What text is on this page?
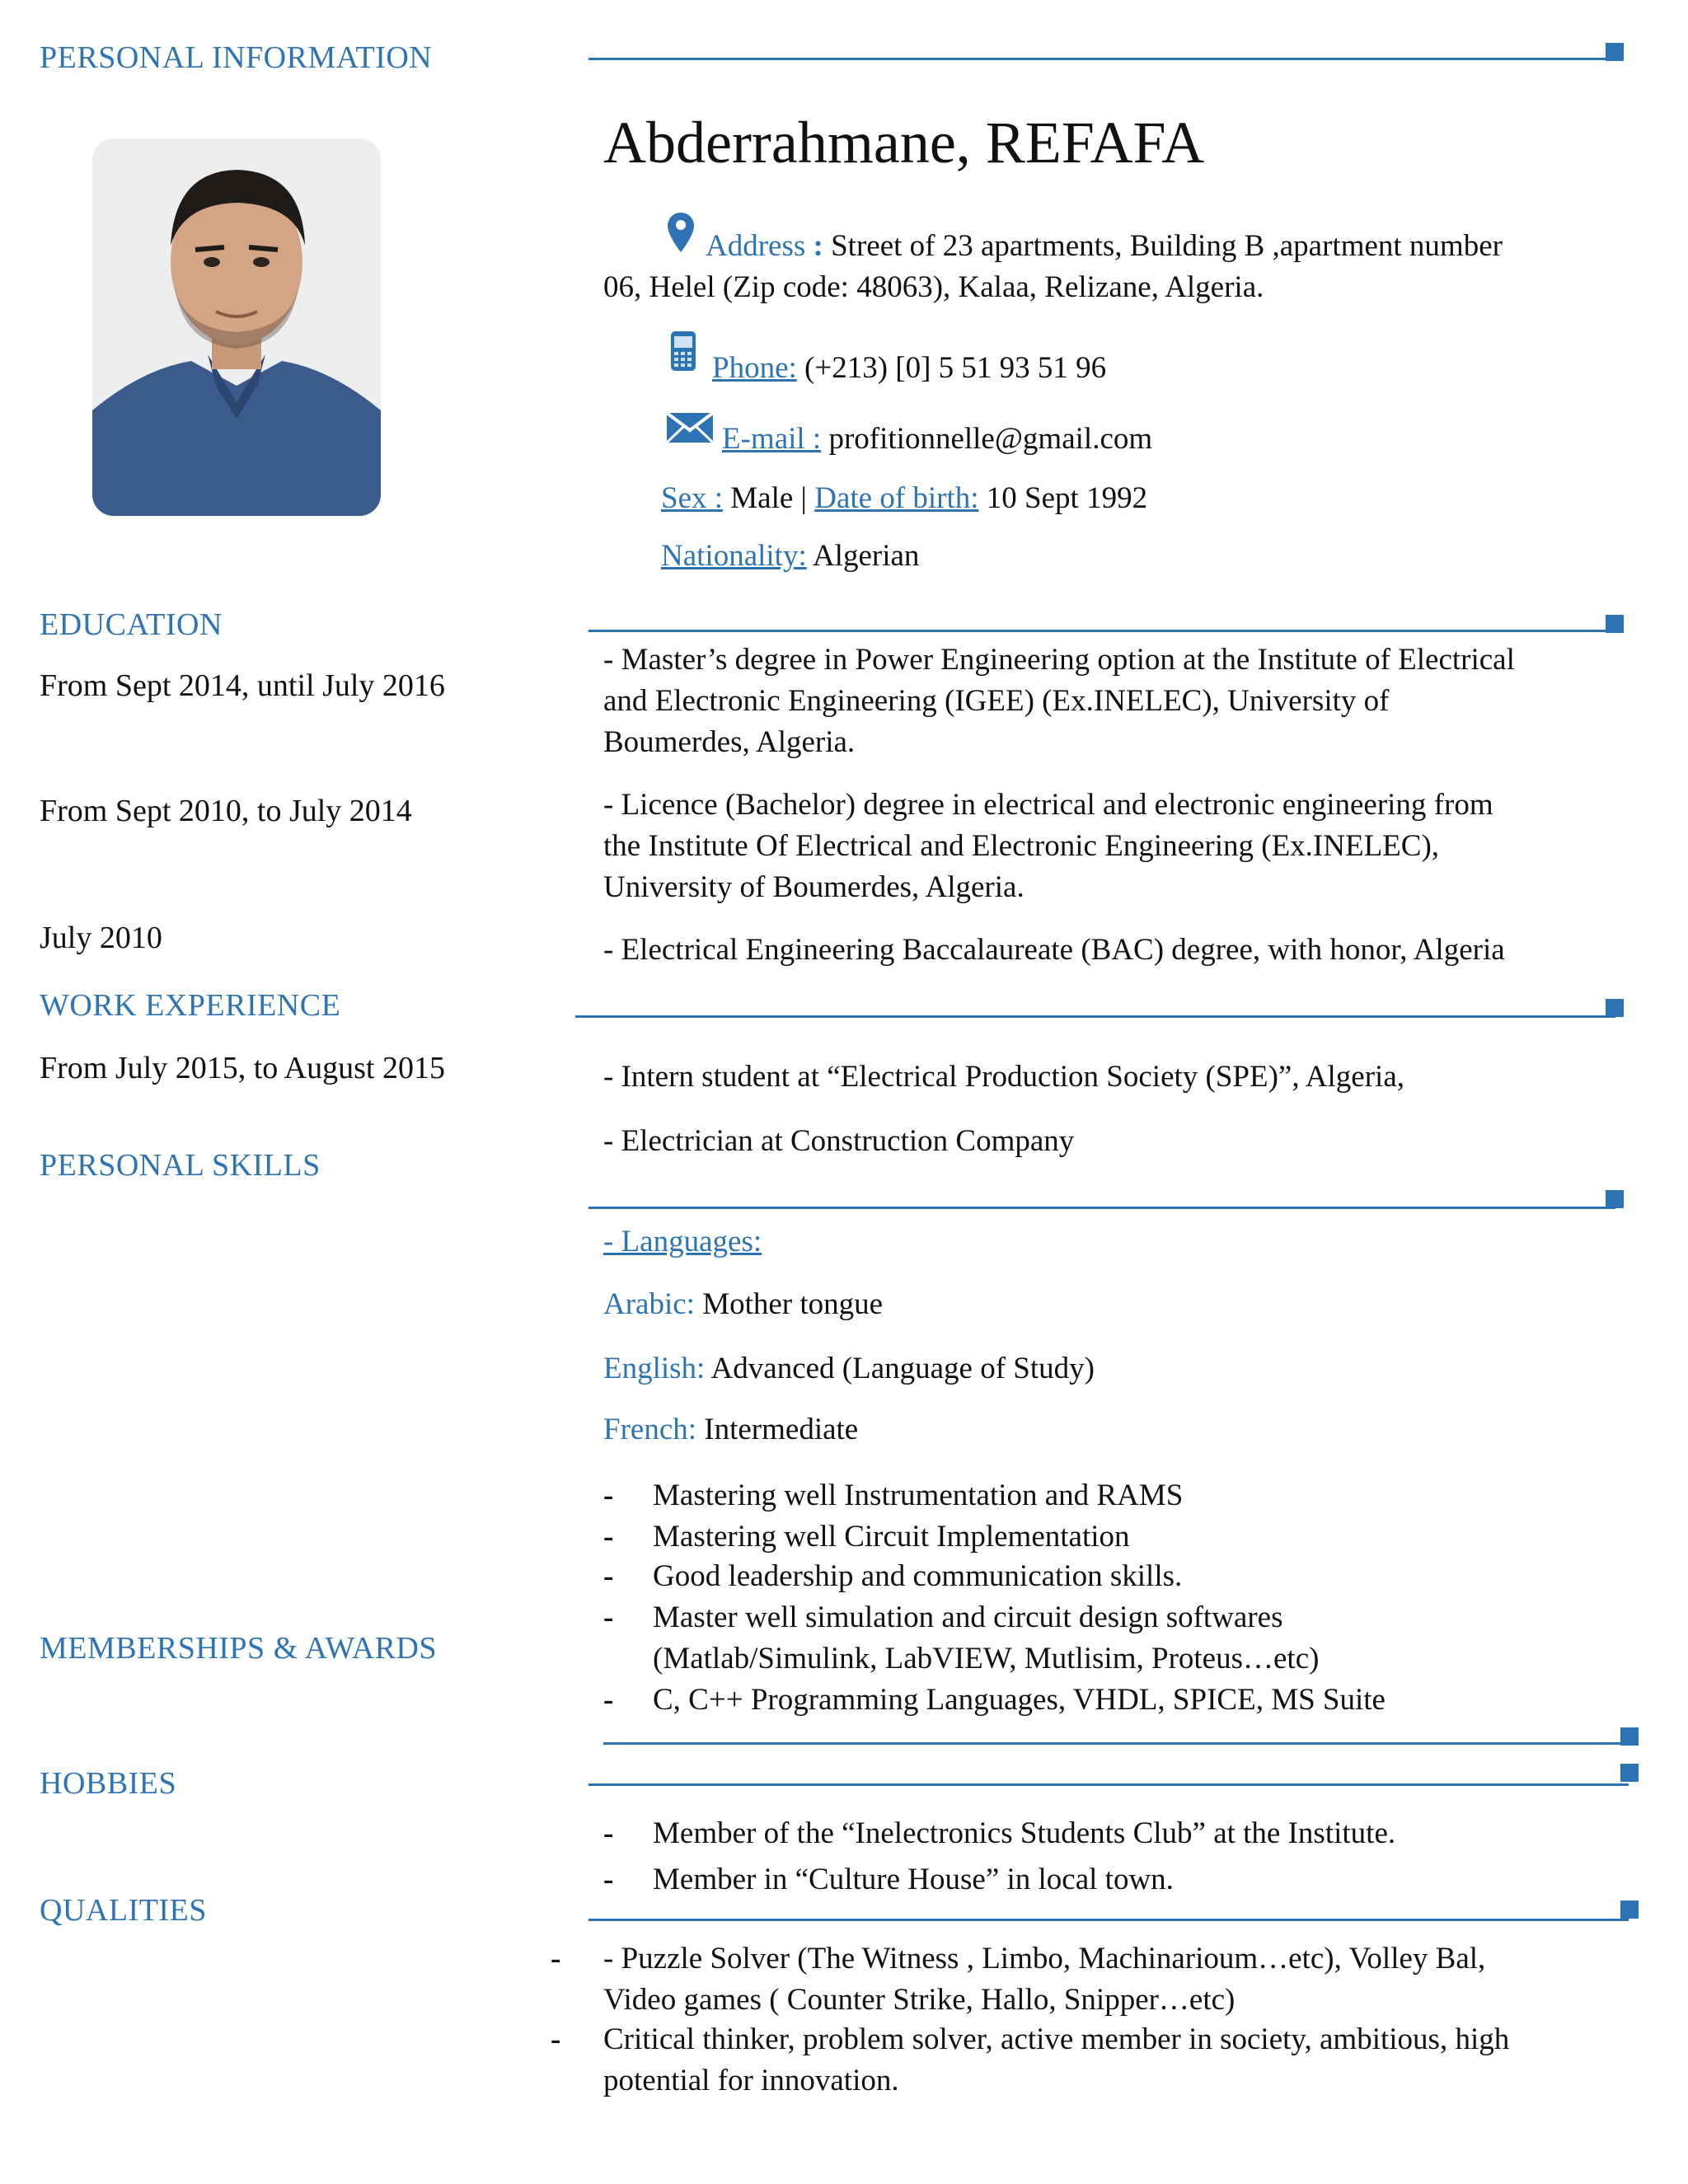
PERSONAL INFORMATION
EDUCATION
WORK EXPERIENCE
PERSONAL SKILLS
MEMBERSHIPS & AWARDS
HOBBIES
QUALITIES
Abderrahmane, REFAFA
Address : Street of 23 apartments, Building B ,apartment number
06, Helel (Zip code: 48063), Kalaa, Relizane, Algeria.
Phone: (+213) [0] 5 51 93 51 96
E-mail : profitionnelle@gmail.com
Sex : Male | Date of birth: 10 Sept 1992
Nationality: Algerian
From Sept 2014, until July 2016
From Sept 2010, to July 2014
July 2010
- Master’s degree in Power Engineering option at the Institute of Electrical
and Electronic Engineering (IGEE) (Ex.INELEC), University of
Boumerdes, Algeria.
- Licence (Bachelor) degree in electrical and electronic engineering from
the Institute Of Electrical and Electronic Engineering (Ex.INELEC),
University of Boumerdes, Algeria.
- Electrical Engineering Baccalaureate (BAC) degree, with honor, Algeria
From July 2015, to August 2015	- Intern student at “Electrical Production Society (SPE)”, Algeria,
- Electrician at Construction Company
- Languages:
Arabic: Mother tongue
English: Advanced (Language of Study)
French: Intermediate
- Mastering well Instrumentation and RAMS
- Mastering well Circuit Implementation
- Good leadership and communication skills.
- Master well simulation and circuit design softwares
(Matlab/Simulink, LabVIEW, Mutlisim, Proteus…etc)
- C, C++ Programming Languages, VHDL, SPICE, MS Suite
- Member of the “Inelectronics Students Club” at the Institute.
- Member in “Culture House” in local town.
- - Puzzle Solver (The Witness , Limbo, Machinarioum…etc), Volley Bal,
Video games ( Counter Strike, Hallo, Snipper…etc)
- Critical thinker, problem solver, active member in society, ambitious, high
potential for innovation.
